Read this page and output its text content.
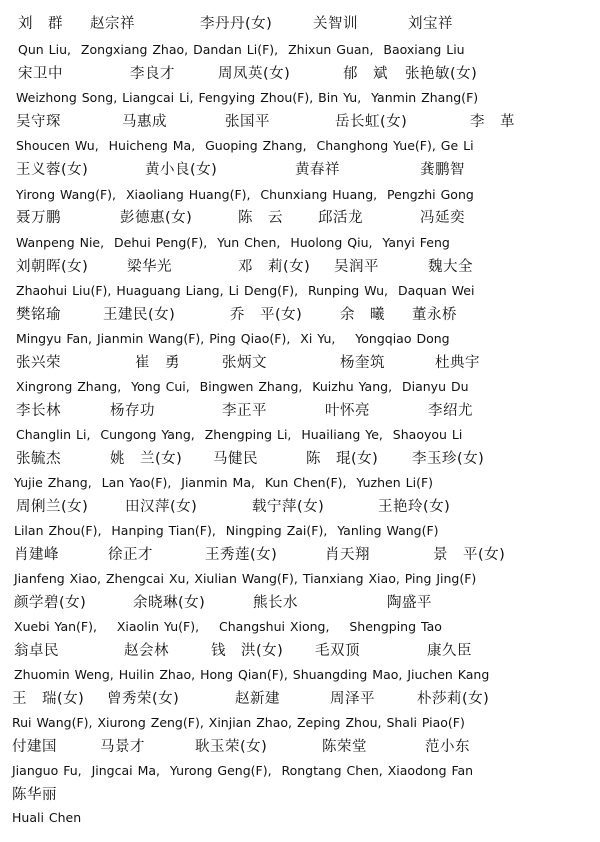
刘　群 赵宗祥	李丹丹(女)	关智训	刘宝祥
Qun Liu,  Zongxiang Zhao, Dandan Li(F),  Zhixun Guan,  Baoxiang Liu
宋卫中	李良才	周凤英(女)	郁　斌 张艳敏(女)
Weizhong Song, Liangcai Li, Fengying Zhou(F), Bin Yu,  Yanmin Zhang(F)
吴守琛	马惠成	张国平	岳长虹(女)	李　革
Shoucen Wu,  Huicheng Ma,  Guoping Zhang,  Changhong Yue(F), Ge Li
王义蓉(女)	黄小良(女)	黄春祥	龚鹏智
Yirong Wang(F),  Xiaoliang Huang(F),  Chunxiang Huang,  Pengzhi Gong
聂万鹏	彭德惠(女)	陈　云 邱活龙	冯延奕
Wanpeng Nie,  Dehui Peng(F),  Yun Chen,  Huolong Qiu,  Yanyi Feng
刘朝晖(女)	梁华光	邓　莉(女) 吴润平	魏大全
Zhaohui Liu(F), Huaguang Liang, Li Deng(F),  Runping Wu,  Daquan Wei
樊铭瑜	王建民(女)	乔　平(女)	余　曦 董永桥
Mingyu Fan, Jianmin Wang(F), Ping Qiao(F),  Xi Yu,    Yongqiao Dong
张兴荣	崔　勇	张炳文	杨奎筑	杜典宇
Xingrong Zhang,  Yong Cui,  Bingwen Zhang,  Kuizhu Yang,  Dianyu Du
李长林	杨存功	李正平	叶怀亮	李绍尤
Changlin Li,  Cungong Yang,  Zhengping Li,  Huailiang Ye,  Shaoyou Li
张毓杰	姚　兰(女) 马健民	陈　琨(女) 李玉珍(女)
Yujie Zhang,  Lan Yao(F),  Jianmin Ma,  Kun Chen(F),  Yuzhen Li(F)
周俐兰(女)	田汉萍(女)	载宁萍(女)	王艳玲(女)
Lilan Zhou(F),  Hanping Tian(F),  Ningping Zai(F),  Yanling Wang(F)
肖建峰	徐正才	王秀莲(女)	肖天翔	景　平(女)
Jianfeng Xiao, Zhengcai Xu, Xiulian Wang(F), Tianxiang Xiao, Ping Jing(F)
颜学碧(女)	余晓琳(女)	熊长水	陶盛平
Xuebi Yan(F),    Xiaolin Yu(F),    Changshui Xiong,    Shengping Tao
翁卓民	赵会林	钱　洪(女) 毛双顶	康久臣
Zhuomin Weng, Huilin Zhao, Hong Qian(F), Shuangding Mao, Jiuchen Kang
王　瑞(女) 曾秀荣(女)	赵新建	周泽平	朴莎莉(女)
Rui Wang(F), Xiurong Zeng(F), Xinjian Zhao, Zeping Zhou, Shali Piao(F)
付建国	马景才	耿玉荣(女)	陈荣堂	范小东
Jianguo Fu,  Jingcai Ma,  Yurong Geng(F),  Rongtang Chen, Xiaodong Fan
陈华丽
Huali Chen
